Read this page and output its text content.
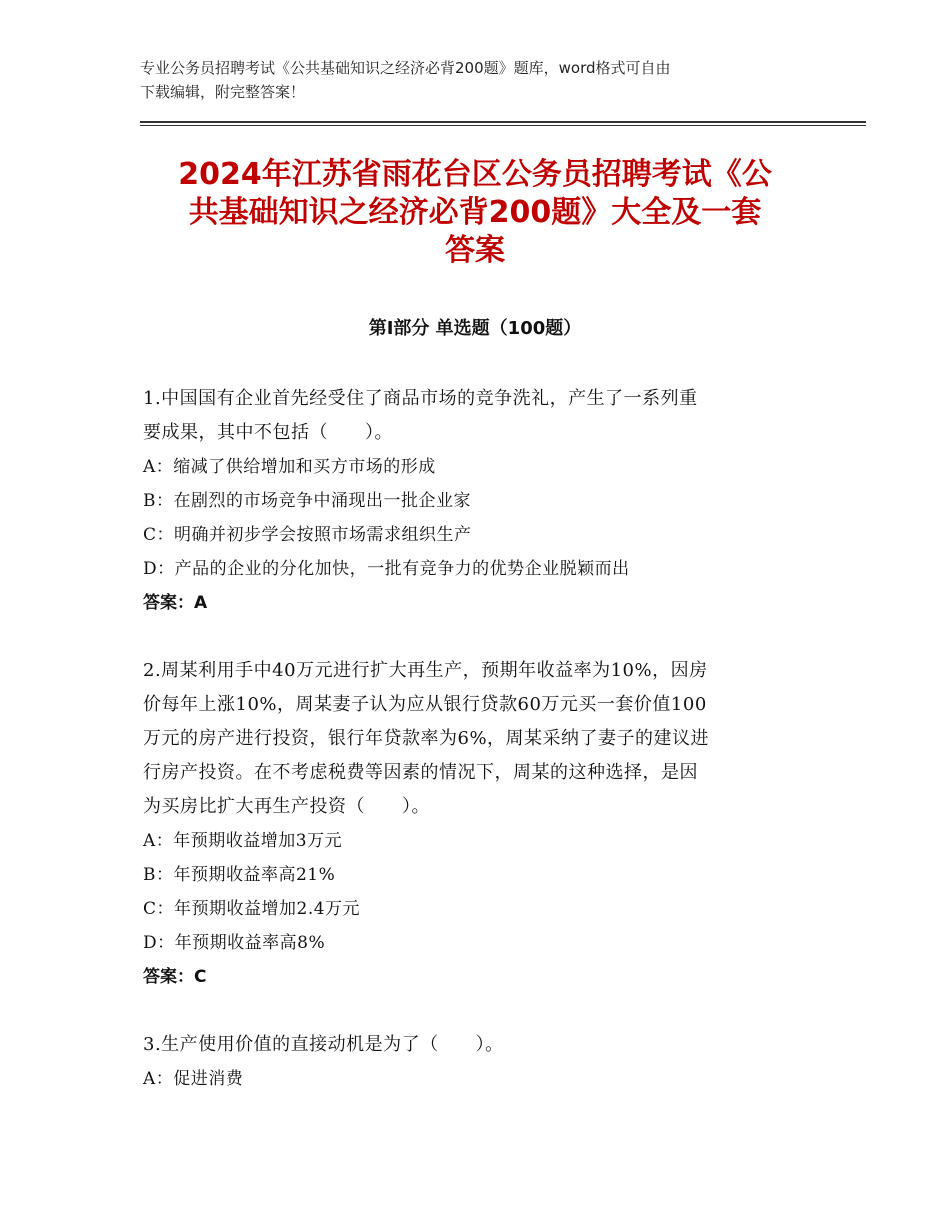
专业公务员招聘考试《公共基础知识之经济必背200题》题库，word格式可自由
下载编辑，附完整答案！
2024年江苏省雨花台区公务员招聘考试《公
共基础知识之经济必背200题》大全及一套
答案
第Ⅰ部分 单选题（100题）
1.中国国有企业首先经受住了商品市场的竞争洗礼，产生了一系列重
要成果，其中不包括（　　）。
A：缩减了供给增加和买方市场的形成
B：在剧烈的市场竞争中涌现出一批企业家
C：明确并初步学会按照市场需求组织生产
D：产品的企业的分化加快，一批有竞争力的优势企业脱颖而出
答案：A
2.周某利用手中40万元进行扩大再生产，预期年收益率为10%，因房
价每年上涨10%，周某妻子认为应从银行贷款60万元买一套价值100
万元的房产进行投资，银行年贷款率为6%，周某采纳了妻子的建议进
行房产投资。在不考虑税费等因素的情况下，周某的这种选择，是因
为买房比扩大再生产投资（　　）。
A：年预期收益增加3万元
B：年预期收益率高21%
C：年预期收益增加2.4万元
D：年预期收益率高8%
答案：C
3.生产使用价值的直接动机是为了（　　）。
A：促进消费
